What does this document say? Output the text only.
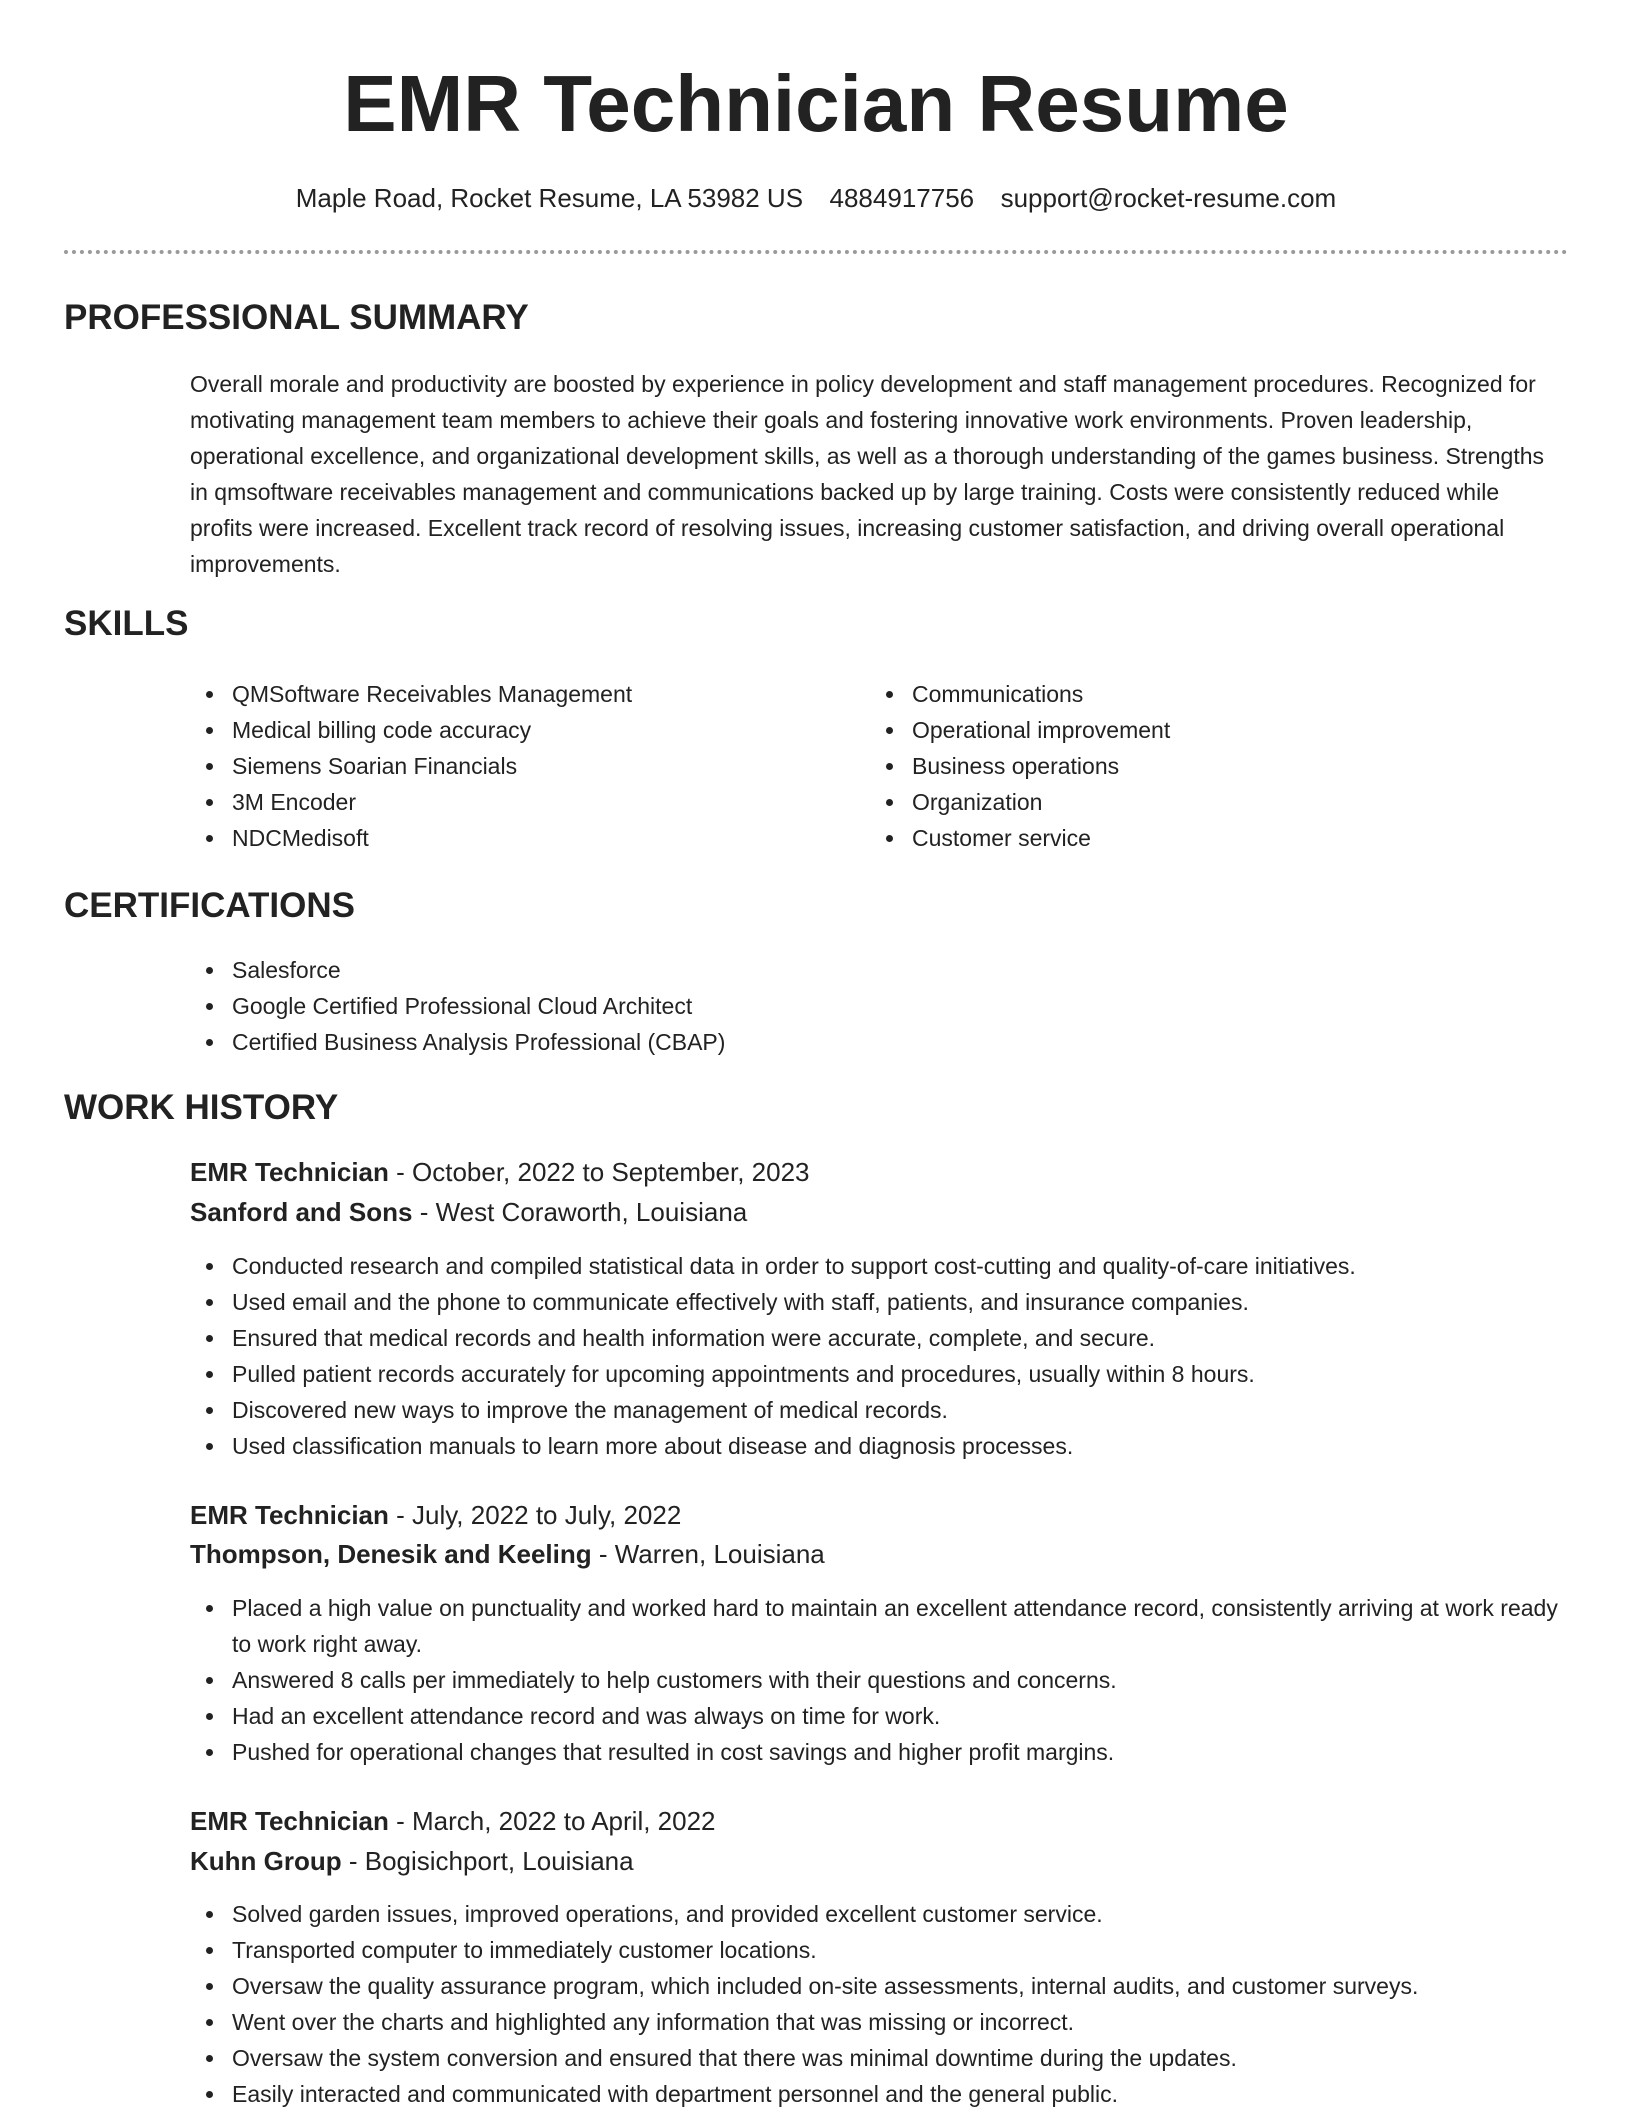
EMR Technician Resume
Maple Road, Rocket Resume, LA 53982 US 4884917756 support@rocket-resume.com
PROFESSIONAL SUMMARY

Overall morale and productivity are boosted by experience in policy development and staff management procedures. Recognized for motivating management team members to achieve their goals and fostering innovative work environments. Proven leadership, operational excellence, and organizational development skills, as well as a thorough understanding of the games business. Strengths in qmsoftware receivables management and communications backed up by large training. Costs were consistently reduced while profits were increased. Excellent track record of resolving issues, increasing customer satisfaction, and driving overall operational improvements.

SKILLS
QMSoftware Receivables Management
Medical billing code accuracy
Siemens Soarian Financials
3M Encoder
NDCMedisoft
Communications
Operational improvement
Business operations
Organization
Customer service
CERTIFICATIONS
Salesforce
Google Certified Professional Cloud Architect
Certified Business Analysis Professional (CBAP)
WORK HISTORY
EMR Technician - October, 2022 to September, 2023
Sanford and Sons - West Coraworth, Louisiana
Conducted research and compiled statistical data in order to support cost-cutting and quality-of-care initiatives.
Used email and the phone to communicate effectively with staff, patients, and insurance companies.
Ensured that medical records and health information were accurate, complete, and secure.
Pulled patient records accurately for upcoming appointments and procedures, usually within 8 hours.
Discovered new ways to improve the management of medical records.
Used classification manuals to learn more about disease and diagnosis processes.
EMR Technician - July, 2022 to July, 2022
Thompson, Denesik and Keeling - Warren, Louisiana
Placed a high value on punctuality and worked hard to maintain an excellent attendance record, consistently arriving at work ready to work right away.
Answered 8 calls per immediately to help customers with their questions and concerns.
Had an excellent attendance record and was always on time for work.
Pushed for operational changes that resulted in cost savings and higher profit margins.
EMR Technician - March, 2022 to April, 2022
Kuhn Group - Bogisichport, Louisiana
Solved garden issues, improved operations, and provided excellent customer service.
Transported computer to immediately customer locations.
Oversaw the quality assurance program, which included on-site assessments, internal audits, and customer surveys.
Went over the charts and highlighted any information that was missing or incorrect.
Oversaw the system conversion and ensured that there was minimal downtime during the updates.
Easily interacted and communicated with department personnel and the general public.
